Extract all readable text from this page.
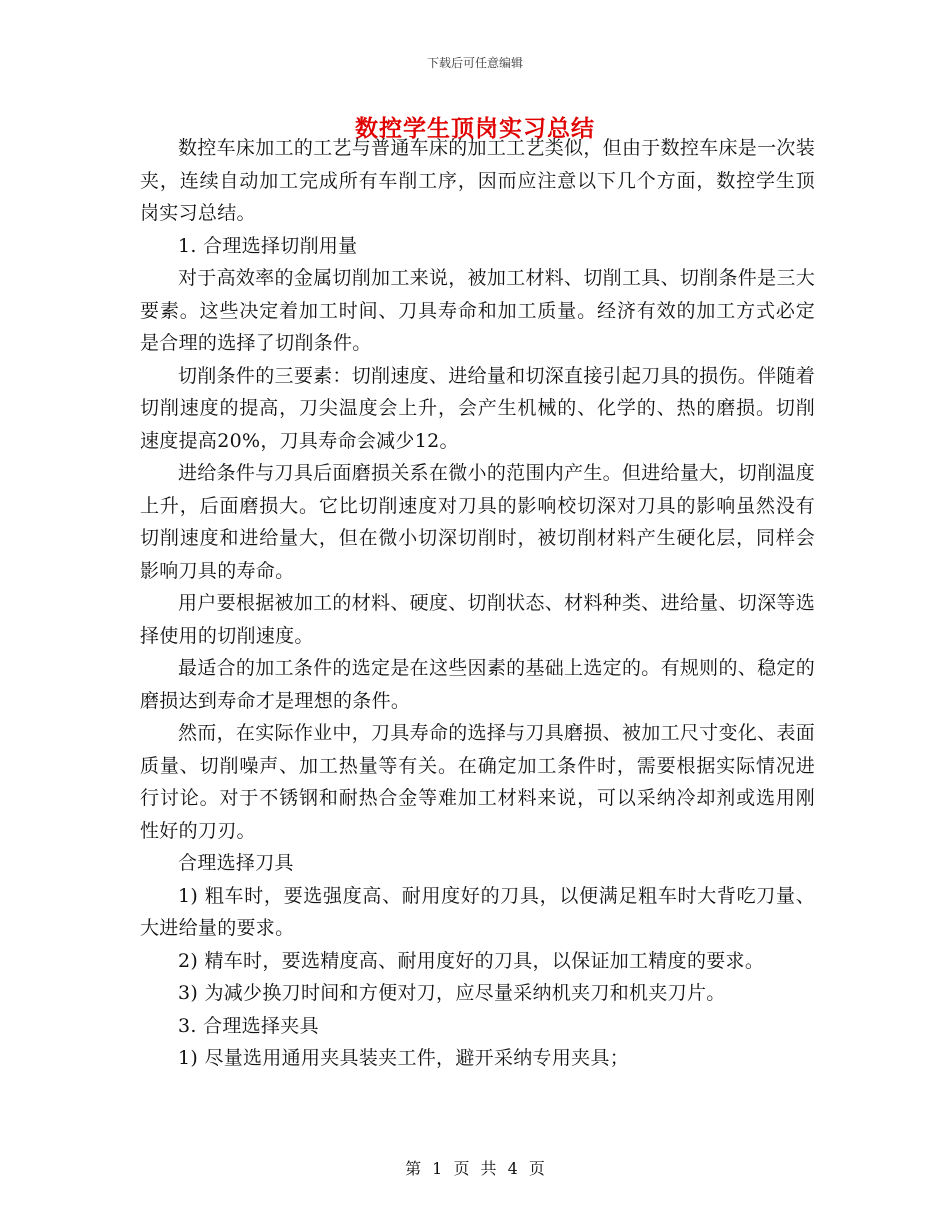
下载后可任意编辑
数控学生顶岗实习总结

数控车床加工的工艺与普通车床的加工工艺类似，但由于数控车床是一次装夹，连续自动加工完成所有车削工序，因而应注意以下几个方面，数控学生顶岗实习总结。

1. 合理选择切削用量

对于高效率的金属切削加工来说，被加工材料、切削工具、切削条件是三大要素。这些决定着加工时间、刀具寿命和加工质量。经济有效的加工方式必定是合理的选择了切削条件。

切削条件的三要素：切削速度、进给量和切深直接引起刀具的损伤。伴随着切削速度的提高，刀尖温度会上升，会产生机械的、化学的、热的磨损。切削速度提高20%，刀具寿命会减少12。

进给条件与刀具后面磨损关系在微小的范围内产生。但进给量大，切削温度上升，后面磨损大。它比切削速度对刀具的影响校切深对刀具的影响虽然没有切削速度和进给量大，但在微小切深切削时，被切削材料产生硬化层，同样会影响刀具的寿命。

用户要根据被加工的材料、硬度、切削状态、材料种类、进给量、切深等选择使用的切削速度。

最适合的加工条件的选定是在这些因素的基础上选定的。有规则的、稳定的磨损达到寿命才是理想的条件。

然而，在实际作业中，刀具寿命的选择与刀具磨损、被加工尺寸变化、表面质量、切削噪声、加工热量等有关。在确定加工条件时，需要根据实际情况进行讨论。对于不锈钢和耐热合金等难加工材料来说，可以采纳冷却剂或选用刚性好的刀刃。

合理选择刀具

1) 粗车时，要选强度高、耐用度好的刀具，以便满足粗车时大背吃刀量、大进给量的要求。

2) 精车时，要选精度高、耐用度好的刀具，以保证加工精度的要求。

3) 为减少换刀时间和方便对刀，应尽量采纳机夹刀和机夹刀片。

3. 合理选择夹具

1) 尽量选用通用夹具装夹工件，避开采纳专用夹具；

第 1 页 共 4 页
